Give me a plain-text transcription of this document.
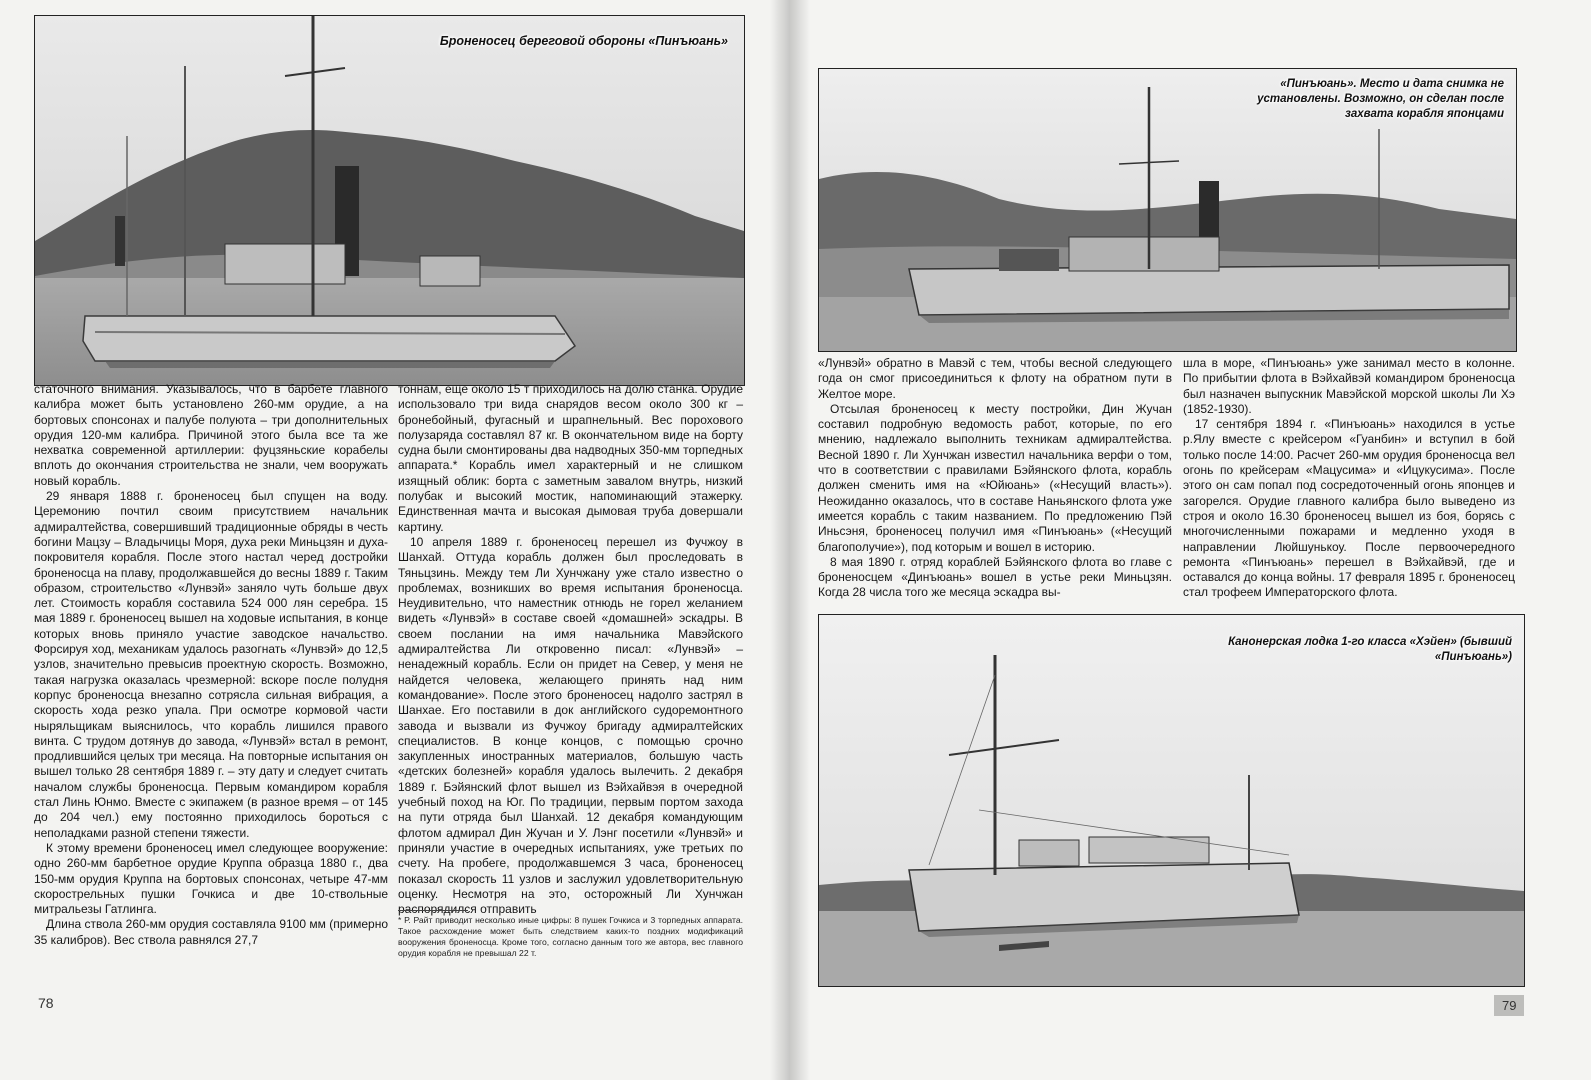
Броненосец береговой обороны «Пинъюань»

статочного внимания. Указывалось, что в барбете главного калибра может быть установлено 260-мм орудие, а на бортовых спонсонах и палубе полуюта – три дополнительных орудия 120-мм калибра. Причиной этого была все та же нехватка современной артиллерии: фуцзяньские корабелы вплоть до окончания строительства не знали, чем вооружать новый корабль.

29 января 1888 г. броненосец был спущен на воду. Церемонию почтил своим присутствием начальник адмиралтейства, совершивший традиционные обряды в честь богини Мацзу – Владычицы Моря, духа реки Миньцзян и духа-покровителя корабля. После этого настал черед достройки броненосца на плаву, продолжавшейся до весны 1889 г. Таким образом, строительство «Лунвэй» заняло чуть больше двух лет. Стоимость корабля составила 524 000 лян серебра. 15 мая 1889 г. броненосец вышел на ходовые испытания, в конце которых вновь приняло участие заводское начальство. Форсируя ход, механикам удалось разогнать «Лунвэй» до 12,5 узлов, значительно превысив проектную скорость. Возможно, такая нагрузка оказалась чрезмерной: вскоре после полудня корпус броненосца внезапно сотрясла сильная вибрация, а скорость хода резко упала. При осмотре кормовой части ныряльщикам выяснилось, что корабль лишился правого винта. С трудом дотянув до завода, «Лунвэй» встал в ремонт, продлившийся целых три месяца. На повторные испытания он вышел только 28 сентября 1889 г. – эту дату и следует считать началом службы броненосца. Первым командиром корабля стал Линь Юнмо. Вместе с экипажем (в разное время – от 145 до 204 чел.) ему постоянно приходилось бороться с неполадками разной степени тяжести.

К этому времени броненосец имел следующее вооружение: одно 260-мм барбетное орудие Круппа образца 1880 г., два 150-мм орудия Круппа на бортовых спонсонах, четыре 47-мм скорострельных пушки Гочкиса и две 10-ствольные митральезы Гатлинга.

Длина ствола 260-мм орудия составляла 9100 мм (примерно 35 калибров). Вес ствола равнялся 27,7

тоннам, еще около 15 т приходилось на долю станка. Орудие использовало три вида снарядов весом около 300 кг – бронебойный, фугасный и шрапнельный. Вес порохового полузаряда составлял 87 кг. В окончательном виде на борту судна были смонтированы два надводных 350-мм торпедных аппарата.* Корабль имел характерный и не слишком изящный облик: борта с заметным завалом внутрь, низкий полубак и высокий мостик, напоминающий этажерку. Единственная мачта и высокая дымовая труба довершали картину.

10 апреля 1889 г. броненосец перешел из Фучжоу в Шанхай. Оттуда корабль должен был проследовать в Тяньцзинь. Между тем Ли Хунчжану уже стало известно о проблемах, возникших во время испытания броненосца. Неудивительно, что наместник отнюдь не горел желанием видеть «Лунвэй» в составе своей «домашней» эскадры. В своем послании на имя начальника Мавэйского адмиралтейства Ли откровенно писал: «Лунвэй» – ненадежный корабль. Если он придет на Север, у меня не найдется человека, желающего принять над ним командование». После этого броненосец надолго застрял в Шанхае. Его поставили в док английского судоремонтного завода и вызвали из Фучжоу бригаду адмиралтейских специалистов. В конце концов, с помощью срочно закупленных иностранных материалов, большую часть «детских болезней» корабля удалось вылечить. 2 декабря 1889 г. Бэйянский флот вышел из Вэйхайвэя в очередной учебный поход на Юг. По традиции, первым портом захода на пути отряда был Шанхай. 12 декабря командующим флотом адмирал Дин Жучан и У. Лэнг посетили «Лунвэй» и приняли участие в очередных испытаниях, уже третьих по счету. На пробеге, продолжавшемся 3 часа, броненосец показал скорость 11 узлов и заслужил удовлетворительную оценку. Несмотря на это, осторожный Ли Хунчжан распорядился отправить

* Р. Райт приводит несколько иные цифры: 8 пушек Гочкиса и 3 торпедных аппарата. Такое расхождение может быть следствием каких-то поздних модификаций вооружения броненосца. Кроме того, согласно данным того же автора, вес главного орудия корабля не превышал 22 т.
78
«Пинъюань». Место и дата снимка не установлены. Возможно, он сделан после захвата корабля японцами

«Лунвэй» обратно в Мавэй с тем, чтобы весной следующего года он смог присоединиться к флоту на обратном пути в Желтое море.

Отсылая броненосец к месту постройки, Дин Жучан составил подробную ведомость работ, которые, по его мнению, надлежало выполнить техникам адмиралтейства. Весной 1890 г. Ли Хунчжан известил начальника верфи о том, что в соответствии с правилами Бэйянского флота, корабль должен сменить имя на «Юйюань» («Несущий власть»). Неожиданно оказалось, что в составе Наньянского флота уже имеется корабль с таким названием. По предложению Пэй Иньсэня, броненосец получил имя «Пинъюань» («Несущий благополучие»), под которым и вошел в историю.

8 мая 1890 г. отряд кораблей Бэйянского флота во главе с броненосцем «Динъюань» вошел в устье реки Миньцзян. Когда 28 числа того же месяца эскадра вы-

шла в море, «Пинъюань» уже занимал место в колонне. По прибытии флота в Вэйхайвэй командиром броненосца был назначен выпускник Мавэйской морской школы Ли Хэ (1852-1930).

17 сентября 1894 г. «Пинъюань» находился в устье р.Ялу вместе с крейсером «Гуанбин» и вступил в бой только после 14:00. Расчет 260-мм орудия броненосца вел огонь по крейсерам «Мацусима» и «Ицукусима». После этого он сам попал под сосредоточенный огонь японцев и загорелся. Орудие главного калибра было выведено из строя и около 16.30 броненосец вышел из боя, борясь с многочисленными пожарами и медленно уходя в направлении Люйшунькоу. После первоочередного ремонта «Пинъюань» перешел в Вэйхайвэй, где и оставался до конца войны. 17 февраля 1895 г. броненосец стал трофеем Императорского флота.

Канонерская лодка 1-го класса «Хэйен» (бывший «Пинъюань»)
79
